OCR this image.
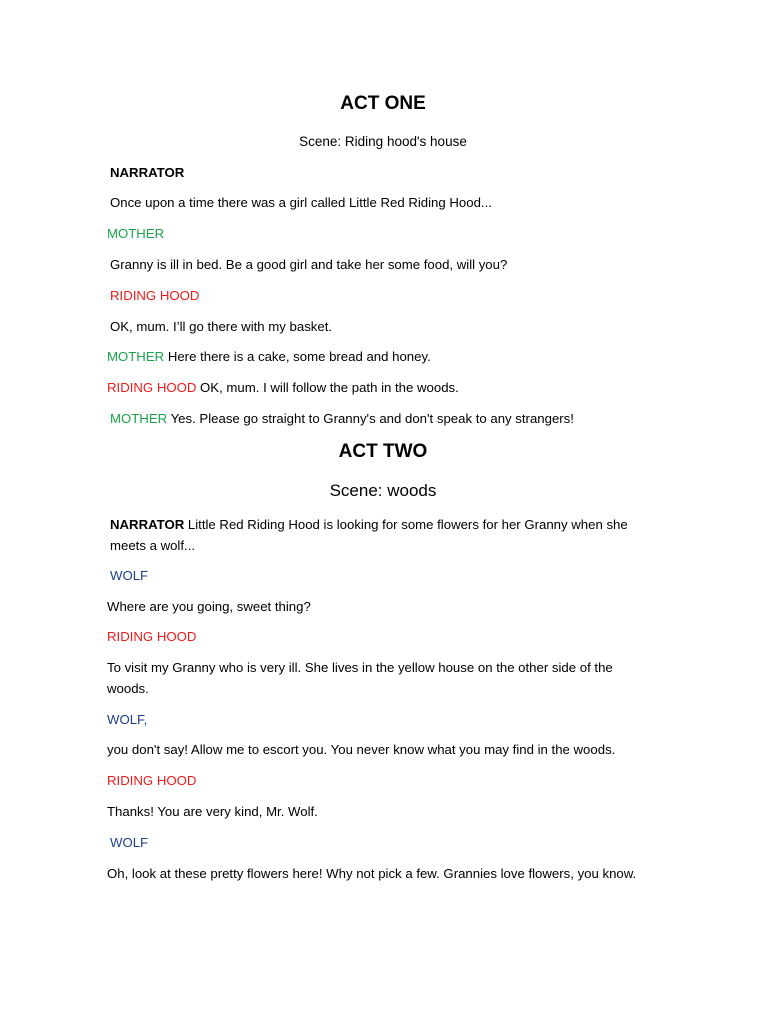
ACT ONE
Scene: Riding hood's house
NARRATOR
Once upon a time there was a girl called Little Red Riding Hood...
MOTHER
Granny is ill in bed. Be a good girl and take her some food, will you?
RIDING HOOD
OK, mum. I’ll go there with my basket.
MOTHER Here there is a cake, some bread and honey.
RIDING HOOD OK, mum. I will follow the path in the woods.
MOTHER Yes. Please go straight to Granny's and don't speak to any strangers!
ACT TWO
Scene: woods
NARRATOR Little Red Riding Hood is looking for some flowers for her Granny when she meets a wolf...
WOLF
Where are you going, sweet thing?
RIDING HOOD
To visit my Granny who is very ill. She lives in the yellow house on the other side of the woods.
WOLF,
you don't say! Allow me to escort you. You never know what you may find in the woods.
RIDING HOOD
Thanks! You are very kind, Mr. Wolf.
WOLF
Oh, look at these pretty flowers here! Why not pick a few. Grannies love flowers, you know.
